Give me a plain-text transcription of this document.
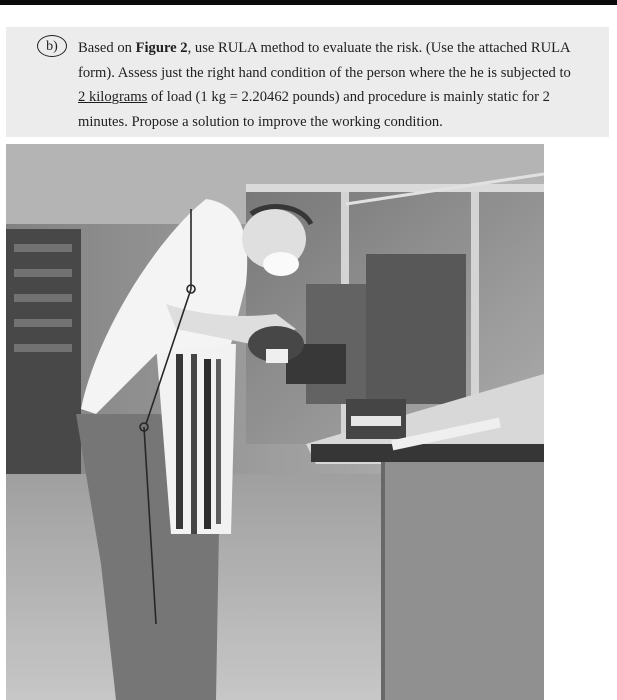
b)	Based on Figure 2, use RULA method to evaluate the risk. (Use the attached RULA
form). Assess just the right hand condition of the person where the he is subjected to
2 kilograms of load (1 kg = 2.20462 pounds) and procedure is mainly static for 2
minutes. Propose a solution to improve the working condition.
